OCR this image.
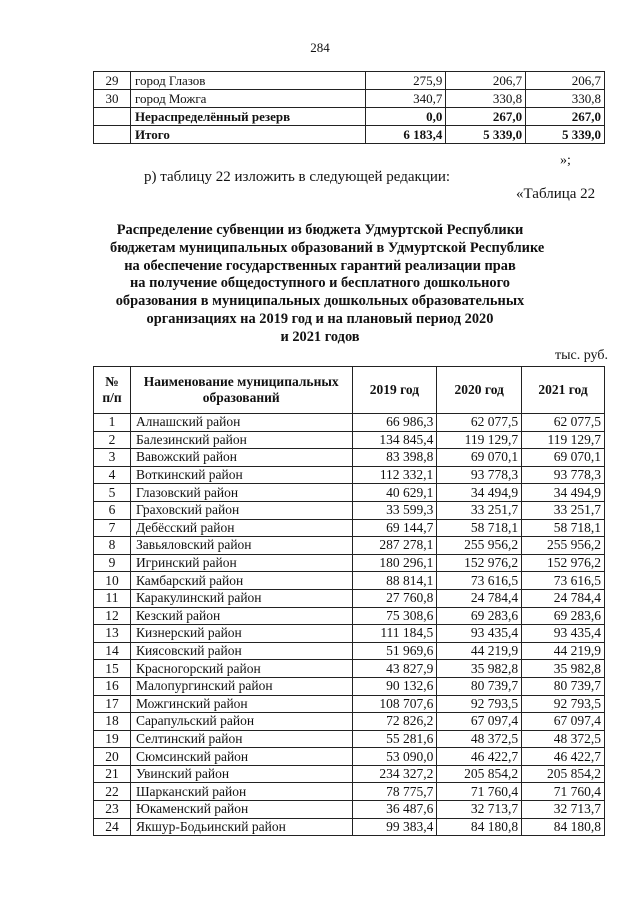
284
29	город Глазов	275,9	206,7	206,7
30	город Можга	340,7	330,8	330,8
	Нераспределённый резерв	0,0	267,0	267,0
	Итого	6 183,4	5 339,0	5 339,0
»;
р) таблицу 22 изложить в следующей редакции:
«Таблица 22
Распределение субвенции из бюджета Удмуртской Республики
бюджетам муниципальных образований в Удмуртской Республике
на обеспечение государственных гарантий реализации прав
на получение общедоступного и бесплатного дошкольного
образования в муниципальных дошкольных образовательных
организациях на 2019 год и на плановый период 2020
и 2021 годов
тыс. руб.
№ п/п	Наименование муниципальных образований	2019 год	2020 год	2021 год
1	Алнашский район	66 986,3	62 077,5	62 077,5
2	Балезинский район	134 845,4	119 129,7	119 129,7
3	Вавожский район	83 398,8	69 070,1	69 070,1
4	Воткинский район	112 332,1	93 778,3	93 778,3
5	Глазовский район	40 629,1	34 494,9	34 494,9
6	Граховский район	33 599,3	33 251,7	33 251,7
7	Дебёсский район	69 144,7	58 718,1	58 718,1
8	Завьяловский район	287 278,1	255 956,2	255 956,2
9	Игринский район	180 296,1	152 976,2	152 976,2
10	Камбарский район	88 814,1	73 616,5	73 616,5
11	Каракулинский район	27 760,8	24 784,4	24 784,4
12	Кезский район	75 308,6	69 283,6	69 283,6
13	Кизнерский район	111 184,5	93 435,4	93 435,4
14	Киясовский район	51 969,6	44 219,9	44 219,9
15	Красногорский район	43 827,9	35 982,8	35 982,8
16	Малопургинский район	90 132,6	80 739,7	80 739,7
17	Можгинский район	108 707,6	92 793,5	92 793,5
18	Сарапульский район	72 826,2	67 097,4	67 097,4
19	Селтинский район	55 281,6	48 372,5	48 372,5
20	Сюмсинский район	53 090,0	46 422,7	46 422,7
21	Увинский район	234 327,2	205 854,2	205 854,2
22	Шарканский район	78 775,7	71 760,4	71 760,4
23	Юкаменский район	36 487,6	32 713,7	32 713,7
24	Якшур-Бодьинский район	99 383,4	84 180,8	84 180,8
